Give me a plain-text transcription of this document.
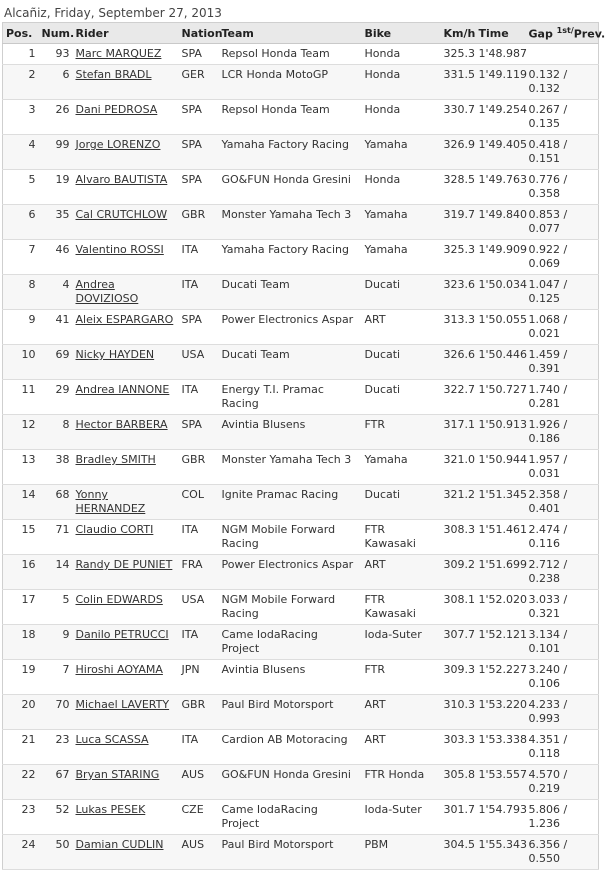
Alcañiz, Friday, September 27, 2013
Pos.	Num.	Rider	Nation	Team	Bike	Km/h	Time	Gap $^{1st/}$Prev.
1	93	Marc MARQUEZ	SPA	Repsol Honda Team	Honda	325.3	1'48.987	
2	6	Stefan BRADL	GER	LCR Honda MotoGP	Honda	331.5	1'49.119	0.132 / 0.132
3	26	Dani PEDROSA	SPA	Repsol Honda Team	Honda	330.7	1'49.254	0.267 / 0.135
4	99	Jorge LORENZO	SPA	Yamaha Factory Racing	Yamaha	326.9	1'49.405	0.418 / 0.151
5	19	Alvaro BAUTISTA	SPA	GO&FUN Honda Gresini	Honda	328.5	1'49.763	0.776 / 0.358
6	35	Cal CRUTCHLOW	GBR	Monster Yamaha Tech 3	Yamaha	319.7	1'49.840	0.853 / 0.077
7	46	Valentino ROSSI	ITA	Yamaha Factory Racing	Yamaha	325.3	1'49.909	0.922 / 0.069
8	4	Andrea DOVIZIOSO	ITA	Ducati Team	Ducati	323.6	1'50.034	1.047 / 0.125
9	41	Aleix ESPARGARO	SPA	Power Electronics Aspar	ART	313.3	1'50.055	1.068 / 0.021
10	69	Nicky HAYDEN	USA	Ducati Team	Ducati	326.6	1'50.446	1.459 / 0.391
11	29	Andrea IANNONE	ITA	Energy T.I. Pramac Racing	Ducati	322.7	1'50.727	1.740 / 0.281
12	8	Hector BARBERA	SPA	Avintia Blusens	FTR	317.1	1'50.913	1.926 / 0.186
13	38	Bradley SMITH	GBR	Monster Yamaha Tech 3	Yamaha	321.0	1'50.944	1.957 / 0.031
14	68	Yonny HERNANDEZ	COL	Ignite Pramac Racing	Ducati	321.2	1'51.345	2.358 / 0.401
15	71	Claudio CORTI	ITA	NGM Mobile Forward Racing	FTR Kawasaki	308.3	1'51.461	2.474 / 0.116
16	14	Randy DE PUNIET	FRA	Power Electronics Aspar	ART	309.2	1'51.699	2.712 / 0.238
17	5	Colin EDWARDS	USA	NGM Mobile Forward Racing	FTR Kawasaki	308.1	1'52.020	3.033 / 0.321
18	9	Danilo PETRUCCI	ITA	Came IodaRacing Project	Ioda-Suter	307.7	1'52.121	3.134 / 0.101
19	7	Hiroshi AOYAMA	JPN	Avintia Blusens	FTR	309.3	1'52.227	3.240 / 0.106
20	70	Michael LAVERTY	GBR	Paul Bird Motorsport	ART	310.3	1'53.220	4.233 / 0.993
21	23	Luca SCASSA	ITA	Cardion AB Motoracing	ART	303.3	1'53.338	4.351 / 0.118
22	67	Bryan STARING	AUS	GO&FUN Honda Gresini	FTR Honda	305.8	1'53.557	4.570 / 0.219
23	52	Lukas PESEK	CZE	Came IodaRacing Project	Ioda-Suter	301.7	1'54.793	5.806 / 1.236
24	50	Damian CUDLIN	AUS	Paul Bird Motorsport	PBM	304.5	1'55.343	6.356 / 0.550
